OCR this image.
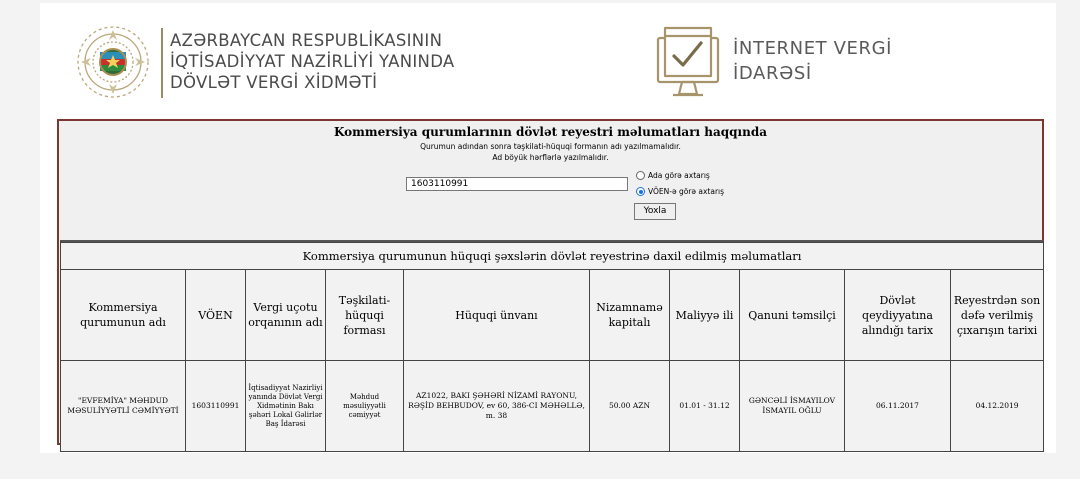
AZƏRBAYCAN RESPUBLİKASININ
İQTİSADİYYAT NAZİRLİYİ YANINDA
DÖVLƏT VERGİ XİDMƏTİ
İNTERNET VERGİ
İDARƏSİ
Kommersiya qurumlarının dövlət reyestri məlumatları haqqında
Qurumun adından sonra təşkilati-hüquqi formanın adı yazılmamalıdır.
Ad böyük hərflərlə yazılmalıdır.
1603110991
Ada görə axtarış
VÖEN-ə görə axtarış
Yoxla
Kommersiya qurumunun hüquqi şəxslərin dövlət reyestrinə daxil edilmiş məlumatları									
Kommersiya qurumunun adı	VÖEN	Vergi uçotu orqanının adı	Təşkilati-hüquqi forması	Hüquqi ünvanı	Nizamnamə kapitalı	Maliyyə ili	Qanuni təmsilçi	Dövlət qeydiyyatına alındığı tarix	Reyestrdən son dəfə verilmiş çıxarışın tarixi
"EVFEMİYA" MƏHDUD MƏSULİYYƏTLİ CƏMİYYƏTİ	1603110991	İqtisadiyyat Nazirliyi yanında Dövlət Vergi Xidmətinin Bakı şəhəri Lokal Gəlirlər Baş İdarəsi	Məhdud məsuliyyətli cəmiyyət	AZ1022, BAKI ŞƏHƏRİ NİZAMİ RAYONU, RƏŞİD BEHBUDOV, ev 60, 386-CI MƏHƏLLƏ, m. 38	50.00 AZN	01.01 - 31.12	GƏNCƏLİ İSMAYILOV İSMAYIL OĞLU	06.11.2017	04.12.2019
